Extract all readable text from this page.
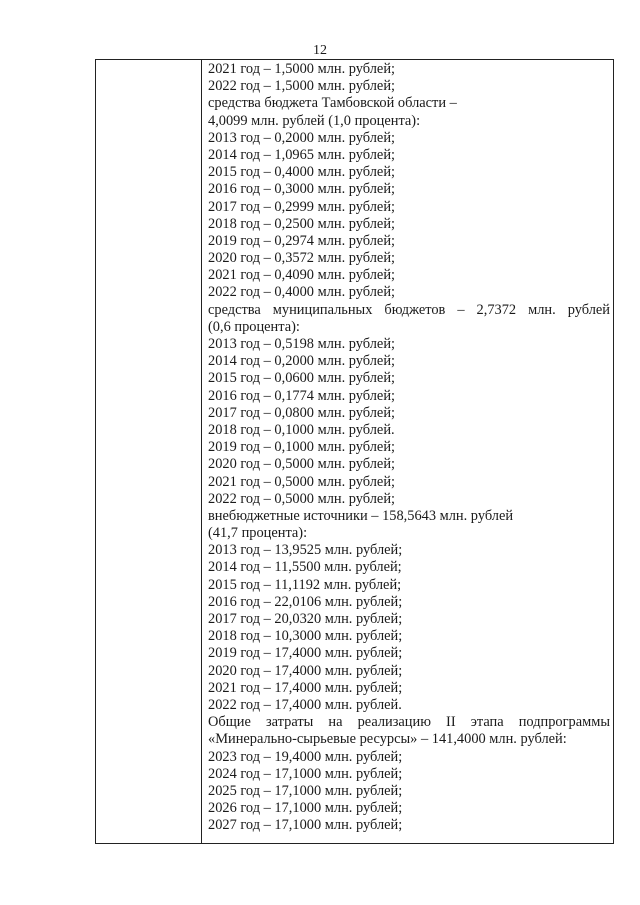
12
2021 год – 1,5000 млн. рублей;
2022 год – 1,5000 млн. рублей;
средства бюджета Тамбовской области –
4,0099 млн. рублей (1,0 процента):
2013 год – 0,2000 млн. рублей;
2014 год – 1,0965 млн. рублей;
2015 год – 0,4000 млн. рублей;
2016 год – 0,3000 млн. рублей;
2017 год – 0,2999 млн. рублей;
2018 год – 0,2500 млн. рублей;
2019 год – 0,2974 млн. рублей;
2020 год – 0,3572 млн. рублей;
2021 год – 0,4090 млн. рублей;
2022 год – 0,4000 млн. рублей;
средства муниципальных бюджетов – 2,7372 млн. рублей
(0,6 процента):
2013 год – 0,5198 млн. рублей;
2014 год – 0,2000 млн. рублей;
2015 год – 0,0600 млн. рублей;
2016 год – 0,1774 млн. рублей;
2017 год – 0,0800 млн. рублей;
2018 год – 0,1000 млн. рублей.
2019 год – 0,1000 млн. рублей;
2020 год – 0,5000 млн. рублей;
2021 год – 0,5000 млн. рублей;
2022 год – 0,5000 млн. рублей;
внебюджетные источники – 158,5643 млн. рублей
(41,7 процента):
2013 год – 13,9525 млн. рублей;
2014 год – 11,5500 млн. рублей;
2015 год – 11,1192 млн. рублей;
2016 год – 22,0106 млн. рублей;
2017 год – 20,0320 млн. рублей;
2018 год – 10,3000 млн. рублей;
2019 год – 17,4000 млн. рублей;
2020 год – 17,4000 млн. рублей;
2021 год – 17,4000 млн. рублей;
2022 год – 17,4000 млн. рублей.
Общие затраты на реализацию II этапа подпрограммы
«Минерально-сырьевые ресурсы» – 141,4000 млн. рублей:
2023 год – 19,4000 млн. рублей;
2024 год – 17,1000 млн. рублей;
2025 год – 17,1000 млн. рублей;
2026 год – 17,1000 млн. рублей;
2027 год – 17,1000 млн. рублей;
